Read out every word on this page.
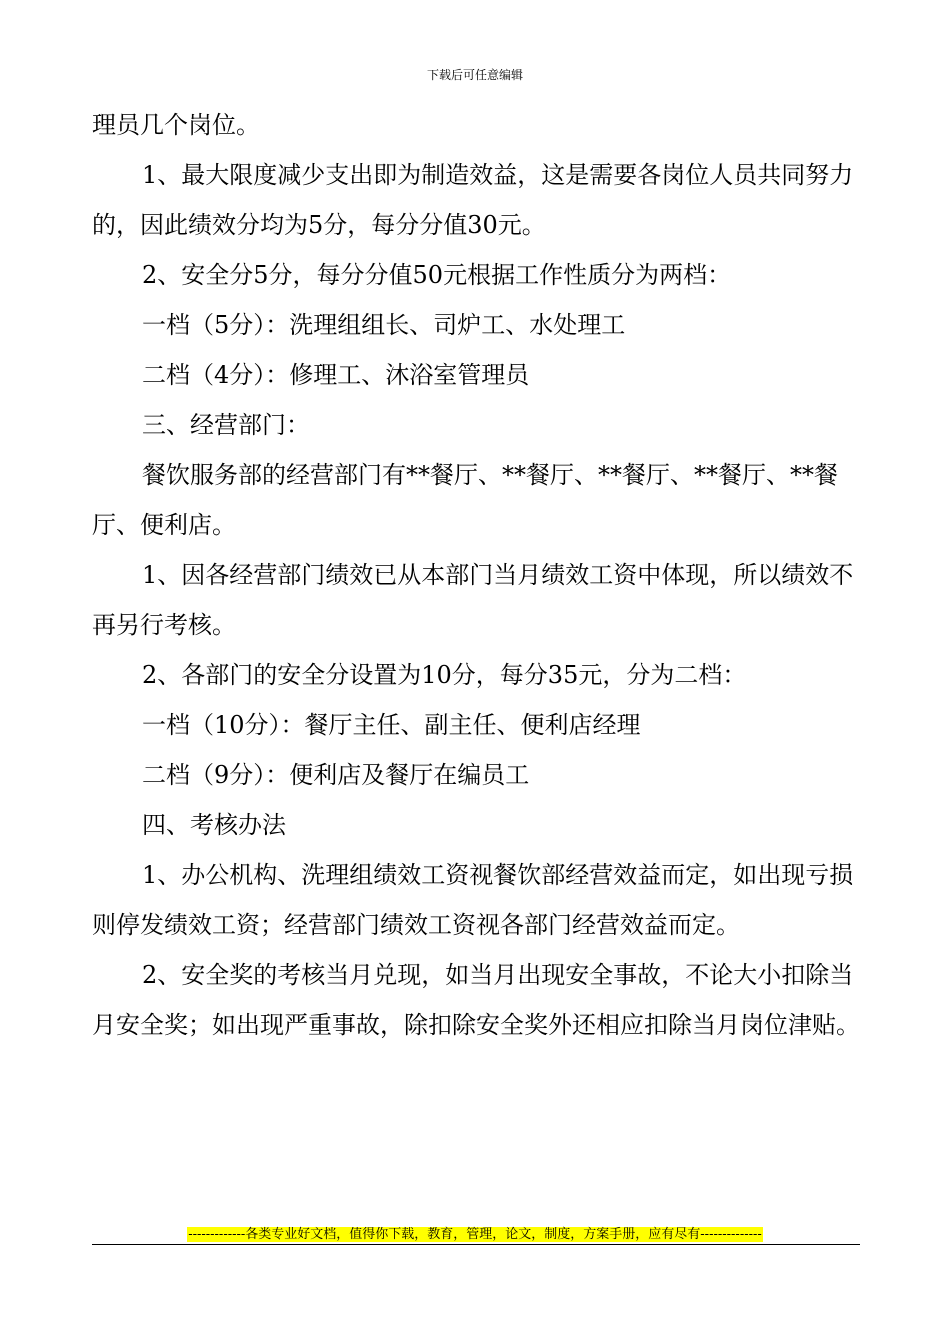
下载后可任意编辑

理员几个岗位。

1、最大限度减少支出即为制造效益，这是需要各岗位人员共同努力的，因此绩效分均为5分，每分分值30元。

2、安全分5分，每分分值50元根据工作性质分为两档：

一档（5分）：洗理组组长、司炉工、水处理工

二档（4分）：修理工、沐浴室管理员

三、经营部门：

餐饮服务部的经营部门有**餐厅、**餐厅、**餐厅、**餐厅、**餐厅、便利店。

1、因各经营部门绩效已从本部门当月绩效工资中体现，所以绩效不再另行考核。

2、各部门的安全分设置为10分，每分35元，分为二档：

一档（10分）：餐厅主任、副主任、便利店经理

二档（9分）：便利店及餐厅在编员工

四、考核办法

1、办公机构、洗理组绩效工资视餐饮部经营效益而定，如出现亏损则停发绩效工资；经营部门绩效工资视各部门经营效益而定。

2、安全奖的考核当月兑现，如当月出现安全事故，不论大小扣除当月安全奖；如出现严重事故，除扣除安全奖外还相应扣除当月岗位津贴。

-------------各类专业好文档，值得你下载，教育，管理，论文，制度，方案手册，应有尽有--------------
